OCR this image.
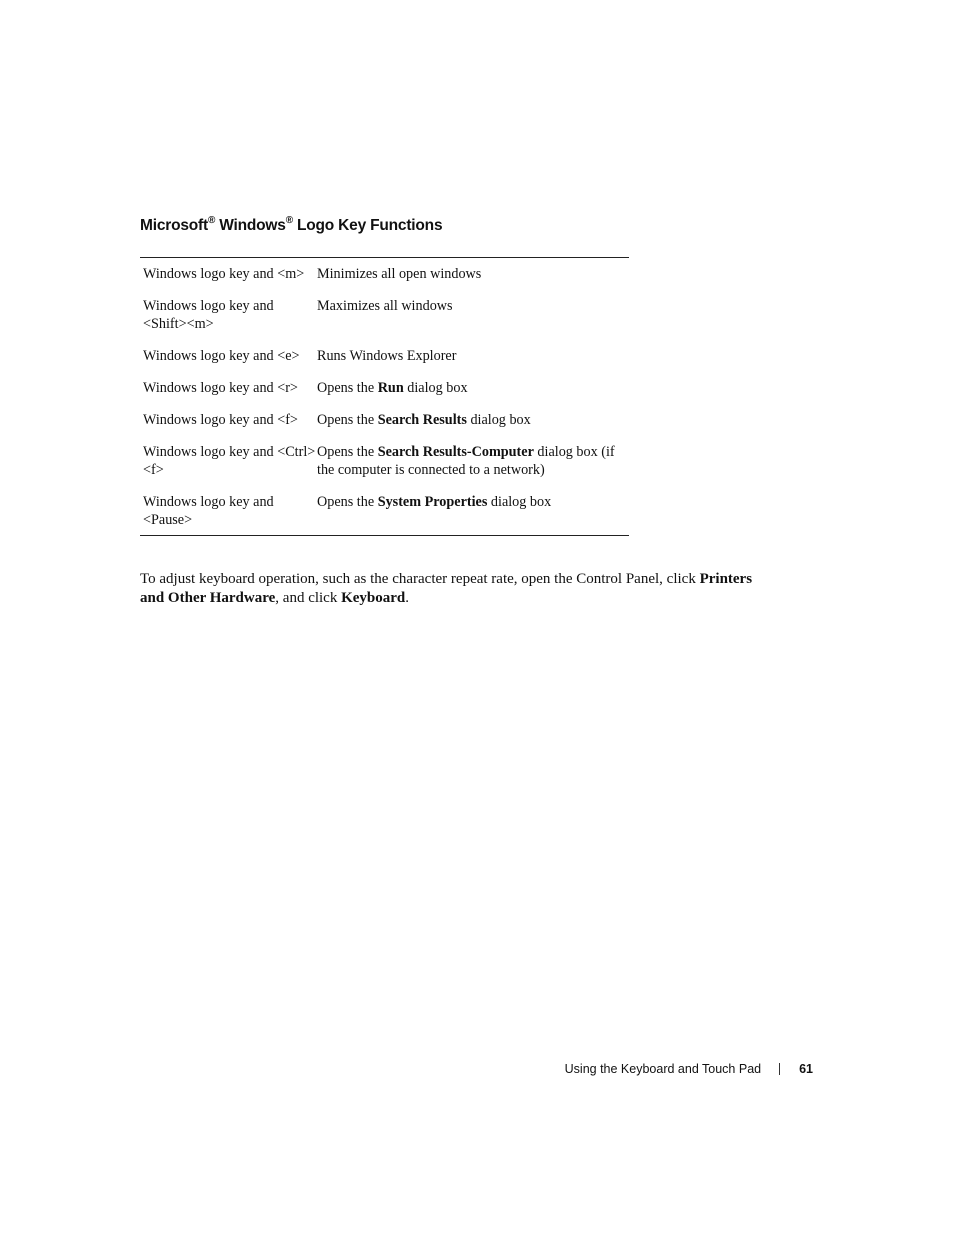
Microsoft® Windows® Logo Key Functions
Windows logo key and <m>	Minimizes all open windows
Windows logo key and <Shift><m>	Maximizes all windows
Windows logo key and <e>	Runs Windows Explorer
Windows logo key and <r>	Opens the Run dialog box
Windows logo key and <f>	Opens the Search Results dialog box
Windows logo key and <Ctrl><f>	Opens the Search Results-Computer dialog box (if the computer is connected to a network)
Windows logo key and <Pause>	Opens the System Properties dialog box

To adjust keyboard operation, such as the character repeat rate, open the Control Panel, click Printers and Other Hardware, and click Keyboard.

Using the Keyboard and Touch Pad	61
